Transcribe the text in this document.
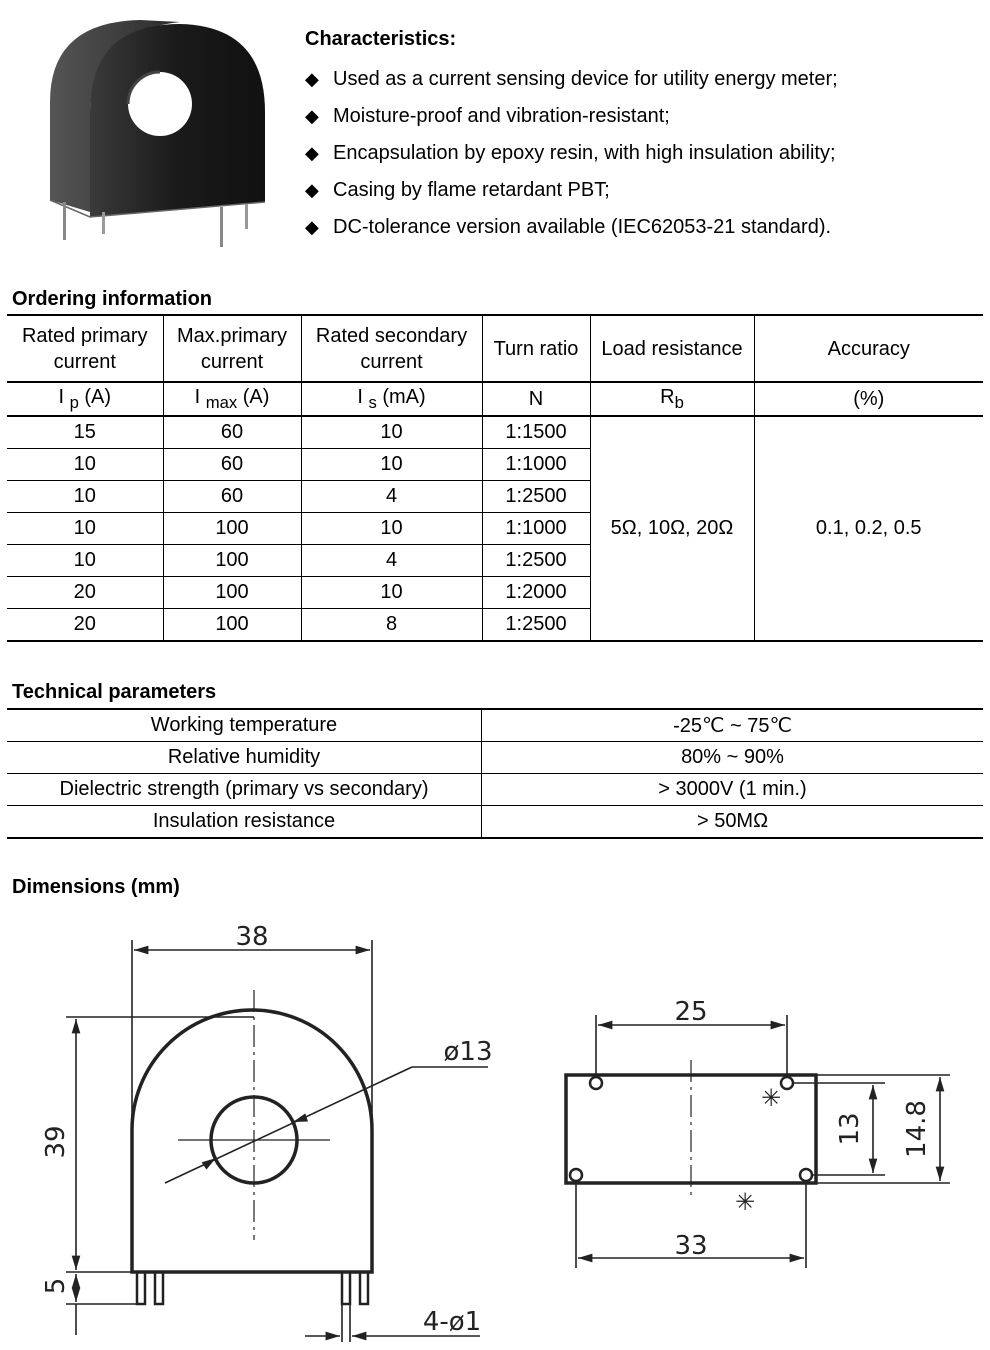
Characteristics:
◆ Used as a current sensing device for utility energy meter;
◆ Moisture-proof and vibration-resistant;
◆ Encapsulation by epoxy resin, with high insulation ability;
◆ Casing by flame retardant PBT;
◆ DC-tolerance version available (IEC62053-21 standard).
Ordering information
Rated primary current	Max.primary current	Rated secondary current	Turn ratio	Load resistance	Accuracy
I $_p$ (A)	I $_{max}$ (A)	I $_s$ (mA)	N	$R_b$	(%)
15	60	10	1:1500	5Ω, 10Ω, 20Ω	0.1, 0.2, 0.5
10	60	10	1:1000		
10	60	4	1:2500		
10	100	10	1:1000		
10	100	4	1:2500		
20	100	10	1:2000		
20	100	8	1:2500		
Technical parameters
Working temperature	-25℃ ~ 75℃
Relative humidity	80% ~ 90%
Dielectric strength (primary vs secondary)	> 3000V (1 min.)
Insulation resistance	> 50MΩ
Dimensions (mm)
38
39
5
ø13
4-ø1
25
33
13 14.8
✳
✳
